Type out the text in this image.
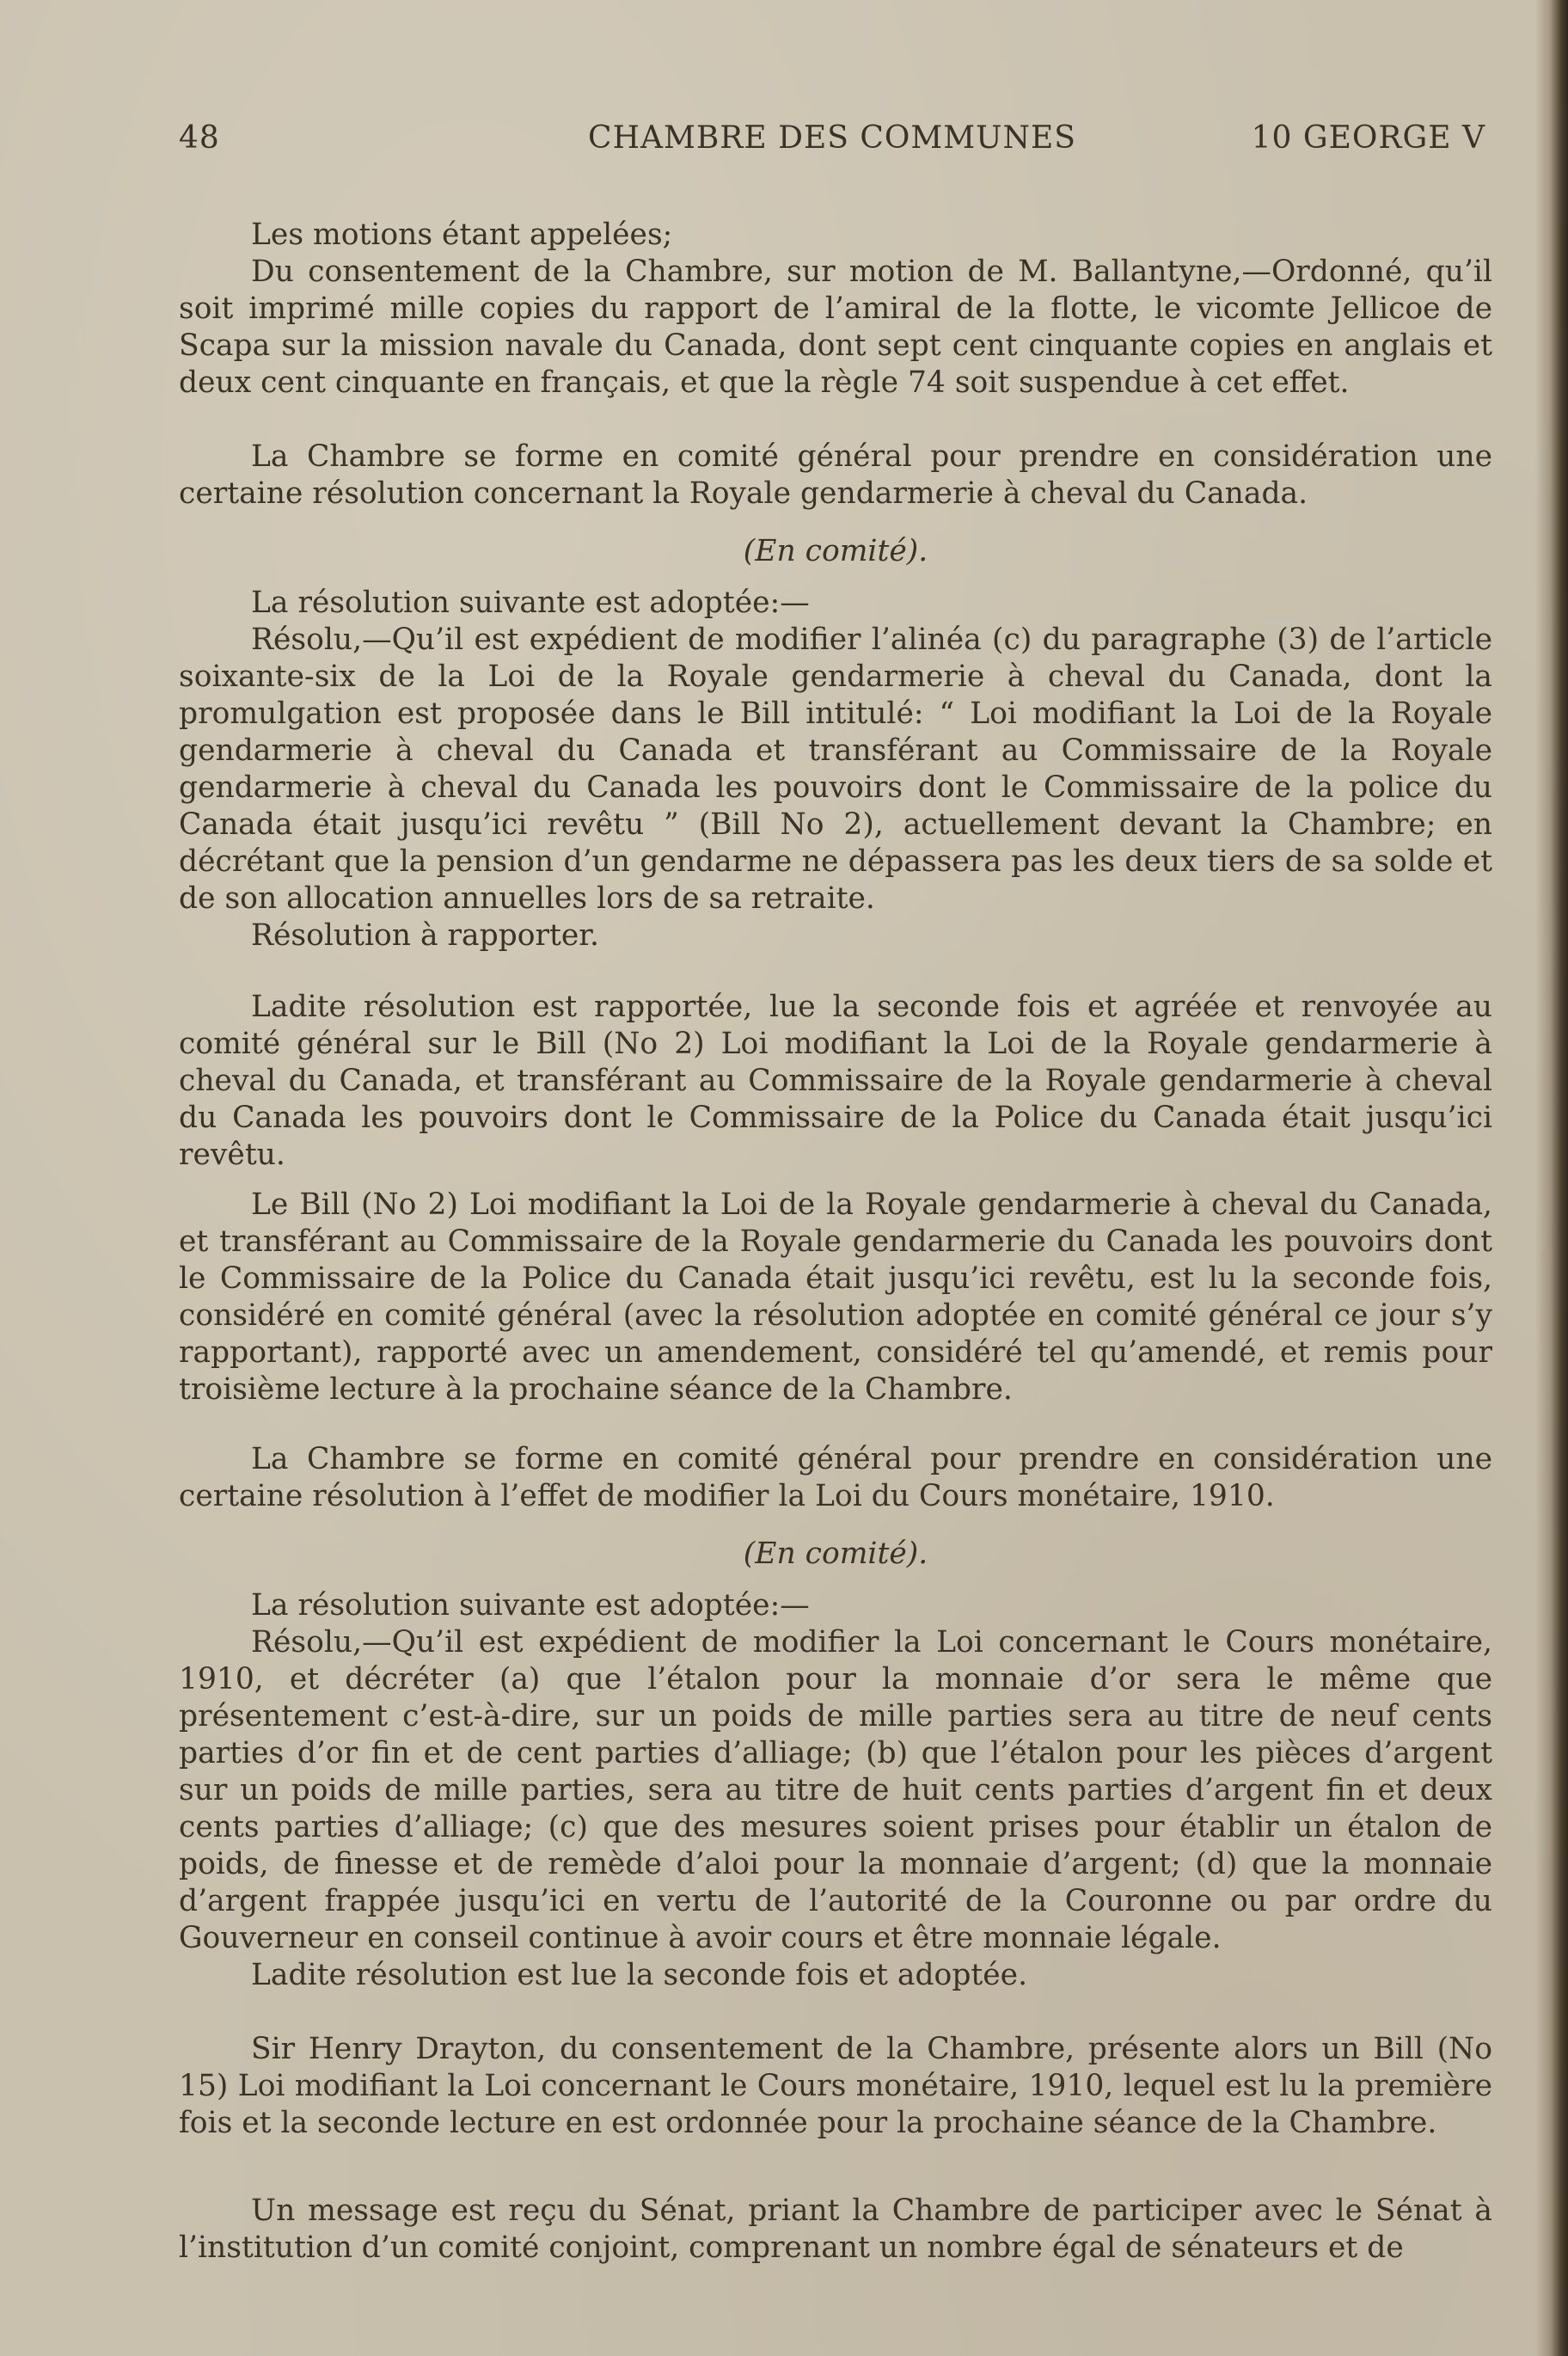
48	CHAMBRE DES COMMUNES	10 GEORGE V

Les motions étant appelées;

Du consentement de la Chambre, sur motion de M. Ballantyne,—Ordonné, qu’il soit imprimé mille copies du rapport de l’amiral de la flotte, le vicomte Jellicoe de Scapa sur la mission navale du Canada, dont sept cent cinquante copies en anglais et deux cent cinquante en français, et que la règle 74 soit suspendue à cet effet.

La Chambre se forme en comité général pour prendre en considération une certaine résolution concernant la Royale gendarmerie à cheval du Canada.

(En comité).

La résolution suivante est adoptée:—

Résolu,—Qu’il est expédient de modifier l’alinéa (c) du paragraphe (3) de l’article soixante-six de la Loi de la Royale gendarmerie à cheval du Canada, dont la promulgation est proposée dans le Bill intitulé: “ Loi modifiant la Loi de la Royale gendarmerie à cheval du Canada et transférant au Commissaire de la Royale gendarmerie à cheval du Canada les pouvoirs dont le Commissaire de la police du Canada était jusqu’ici revêtu ” (Bill No 2), actuellement devant la Chambre; en décrétant que la pension d’un gendarme ne dépassera pas les deux tiers de sa solde et de son allocation annuelles lors de sa retraite.

Résolution à rapporter.

Ladite résolution est rapportée, lue la seconde fois et agréée et renvoyée au comité général sur le Bill (No 2) Loi modifiant la Loi de la Royale gendarmerie à cheval du Canada, et transférant au Commissaire de la Royale gendarmerie à cheval du Canada les pouvoirs dont le Commissaire de la Police du Canada était jusqu’ici revêtu.

Le Bill (No 2) Loi modifiant la Loi de la Royale gendarmerie à cheval du Canada, et transférant au Commissaire de la Royale gendarmerie du Canada les pouvoirs dont le Commissaire de la Police du Canada était jusqu’ici revêtu, est lu la seconde fois, considéré en comité général (avec la résolution adoptée en comité général ce jour s’y rapportant), rapporté avec un amendement, considéré tel qu’amendé, et remis pour troisième lecture à la prochaine séance de la Chambre.

La Chambre se forme en comité général pour prendre en considération une certaine résolution à l’effet de modifier la Loi du Cours monétaire, 1910.

(En comité).

La résolution suivante est adoptée:—

Résolu,—Qu’il est expédient de modifier la Loi concernant le Cours monétaire, 1910, et décréter (a) que l’étalon pour la monnaie d’or sera le même que présentement c’est-à-dire, sur un poids de mille parties sera au titre de neuf cents parties d’or fin et de cent parties d’alliage; (b) que l’étalon pour les pièces d’argent sur un poids de mille parties, sera au titre de huit cents parties d’argent fin et deux cents parties d’alliage; (c) que des mesures soient prises pour établir un étalon de poids, de finesse et de remède d’aloi pour la monnaie d’argent; (d) que la monnaie d’argent frappée jusqu’ici en vertu de l’autorité de la Couronne ou par ordre du Gouverneur en conseil continue à avoir cours et être monnaie légale.

Ladite résolution est lue la seconde fois et adoptée.

Sir Henry Drayton, du consentement de la Chambre, présente alors un Bill (No 15) Loi modifiant la Loi concernant le Cours monétaire, 1910, lequel est lu la première fois et la seconde lecture en est ordonnée pour la prochaine séance de la Chambre.

Un message est reçu du Sénat, priant la Chambre de participer avec le Sénat à l’institution d’un comité conjoint, comprenant un nombre égal de sénateurs et de
